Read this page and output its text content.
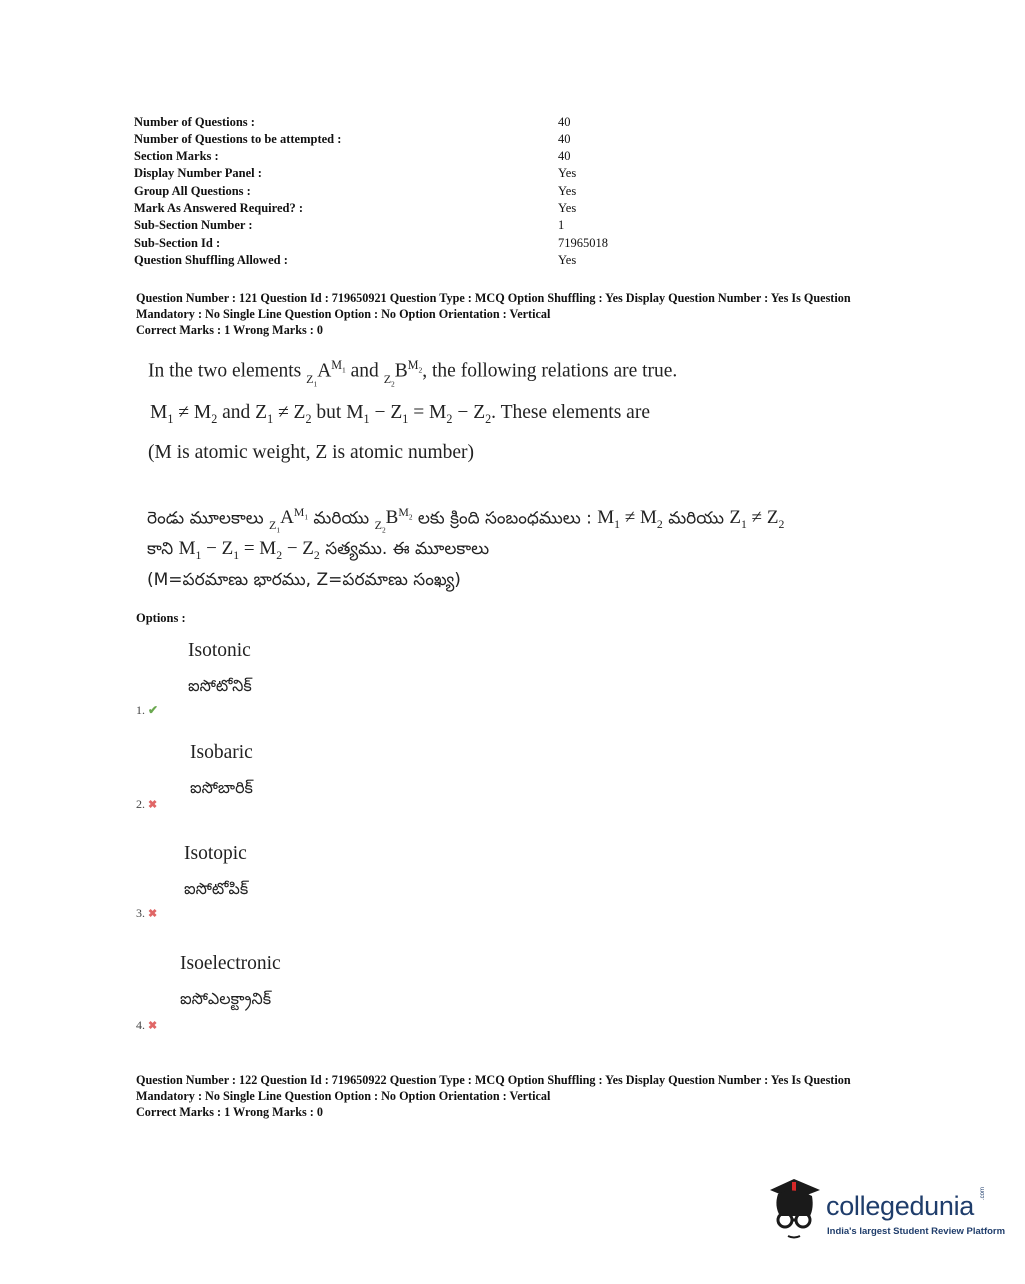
Number of Questions :	40
Number of Questions to be attempted :	40
Section Marks :	40
Display Number Panel :	Yes
Group All Questions :	Yes
Mark As Answered Required? :	Yes
Sub-Section Number :	1
Sub-Section Id :	71965018
Question Shuffling Allowed :	Yes
Question Number : 121 Question Id : 719650921 Question Type : MCQ Option Shuffling : Yes Display Question Number : Yes Is Question
Mandatory : No Single Line Question Option : No Option Orientation : Vertical
Correct Marks : 1 Wrong Marks : 0
In the two elements $_{Z_1}A^{M_1}$ and $_{Z_2}B^{M_2}$, the following relations are true.
$M_1 \ne M_2$ and $Z_1 \ne Z_2$ but $M_1 - Z_1 = M_2 - Z_2$. These elements are
(M is atomic weight, Z is atomic number)
రెండు మూలకాలు $_{Z_1}A^{M_1}$ మరియు $_{Z_2}B^{M_2}$ లకు క్రింది సంబంధములు : $M_1 \ne M_2$ మరియు $Z_1 \ne Z_2$
కాని $M_1 - Z_1 = M_2 - Z_2$ సత్యము. ఈ మూలకాలు
(M=పరమాణు భారము, Z=పరమాణు సంఖ్య)
Options :
Isotonic
ఐసోటోనిక్
1. ✔
Isobaric
ఐసోబారిక్
2. ✖
Isotopic
ఐసోటోపిక్
3. ✖
Isoelectronic
ఐసోఎలక్ట్రానిక్
4. ✖
Question Number : 122 Question Id : 719650922 Question Type : MCQ Option Shuffling : Yes Display Question Number : Yes Is Question
Mandatory : No Single Line Question Option : No Option Orientation : Vertical
Correct Marks : 1 Wrong Marks : 0
collegedunia .com
India's largest Student Review Platform
